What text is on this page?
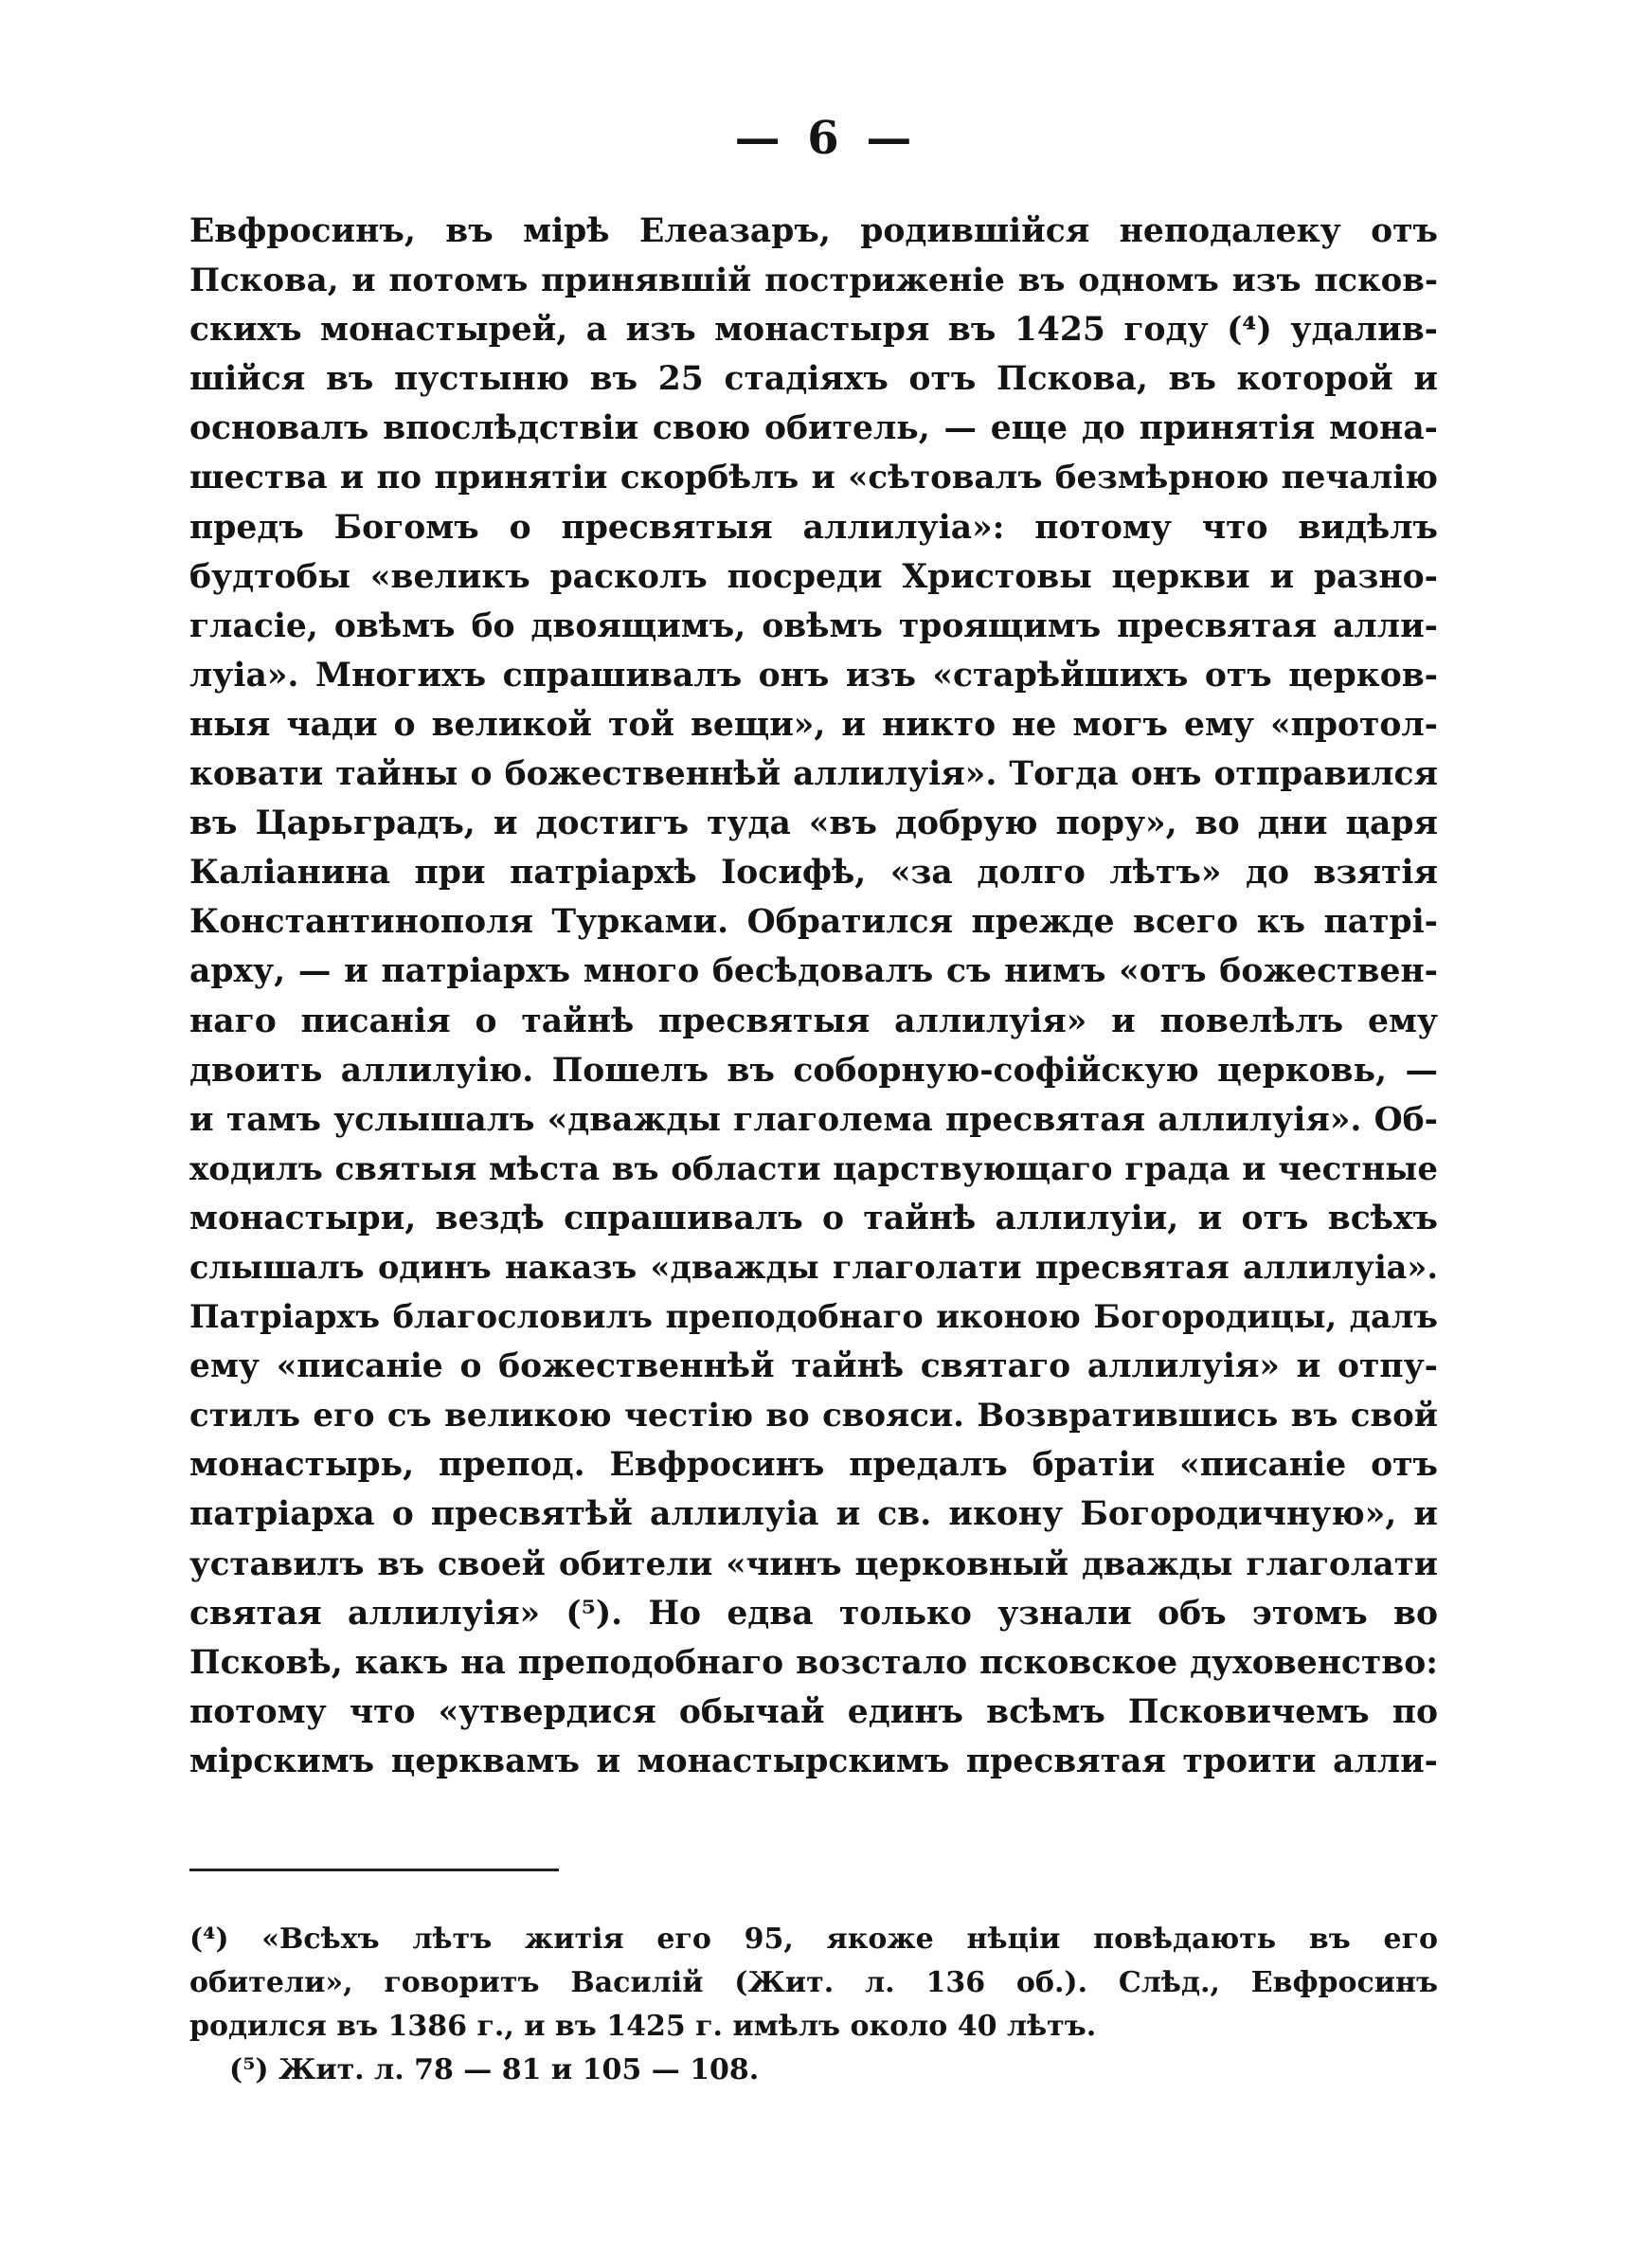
— 6 —
Евфросинъ, въ мірѣ Елеазаръ, родившійся неподалеку отъ
Пскова, и потомъ принявшій постриженіе въ одномъ изъ псков-
скихъ монастырей, а изъ монастыря въ 1425 году (⁴) удалив-
шійся въ пустыню въ 25 стадіяхъ отъ Пскова, въ которой и
основалъ впослѣдствіи свою обитель, — еще до принятія мона-
шества и по принятіи скорбѣлъ и «сѣтовалъ безмѣрною печалію
предъ Богомъ о пресвятыя аллилуіа»: потому что видѣлъ
будтобы «великъ расколъ посреди Христовы церкви и разно-
гласіе, овѣмъ бо двоящимъ, овѣмъ троящимъ пресвятая алли-
луіа». Многихъ спрашивалъ онъ изъ «старѣйшихъ отъ церков-
ныя чади о великой той вещи», и никто не могъ ему «протол-
ковати тайны о божественнѣй аллилуія». Тогда онъ отправился
въ Царьградъ, и достигъ туда «въ добрую пору», во дни царя
Каліанина при патріархѣ Іосифѣ, «за долго лѣтъ» до взятія
Константинополя Турками. Обратился прежде всего къ патрі-
арху, — и патріархъ много бесѣдовалъ съ нимъ «отъ божествен-
наго писанія о тайнѣ пресвятыя аллилуія» и повелѣлъ ему
двоить аллилуію. Пошелъ въ соборную-софійскую церковь, —
и тамъ услышалъ «дважды глаголема пресвятая аллилуія». Об-
ходилъ святыя мѣста въ области царствующаго града и честные
монастыри, вездѣ спрашивалъ о тайнѣ аллилуіи, и отъ всѣхъ
слышалъ одинъ наказъ «дважды глаголати пресвятая аллилуіа».
Патріархъ благословилъ преподобнаго иконою Богородицы, далъ
ему «писаніе о божественнѣй тайнѣ святаго аллилуія» и отпу-
стилъ его съ великою честію во свояси. Возвратившись въ свой
монастырь, препод. Евфросинъ предалъ братіи «писаніе отъ
патріарха о пресвятѣй аллилуіа и св. икону Богородичную», и
уставилъ въ своей обители «чинъ церковный дважды глаголати
святая аллилуія» (⁵). Но едва только узнали объ этомъ во
Псковѣ, какъ на преподобнаго возсталo псковское духовенство:
потому что «утвердися обычай единъ всѣмъ Псковичемъ по
мірскимъ церквамъ и монастырскимъ пресвятая троити алли-
(⁴) «Всѣхъ лѣтъ житія его 95, якоже нѣціи повѣдають въ его
обители», говоритъ Василій (Жит. л. 136 об.). Слѣд., Евфросинъ
родился въ 1386 г., и въ 1425 г. имѣлъ около 40 лѣтъ.
(⁵) Жит. л. 78 — 81 и 105 — 108.
